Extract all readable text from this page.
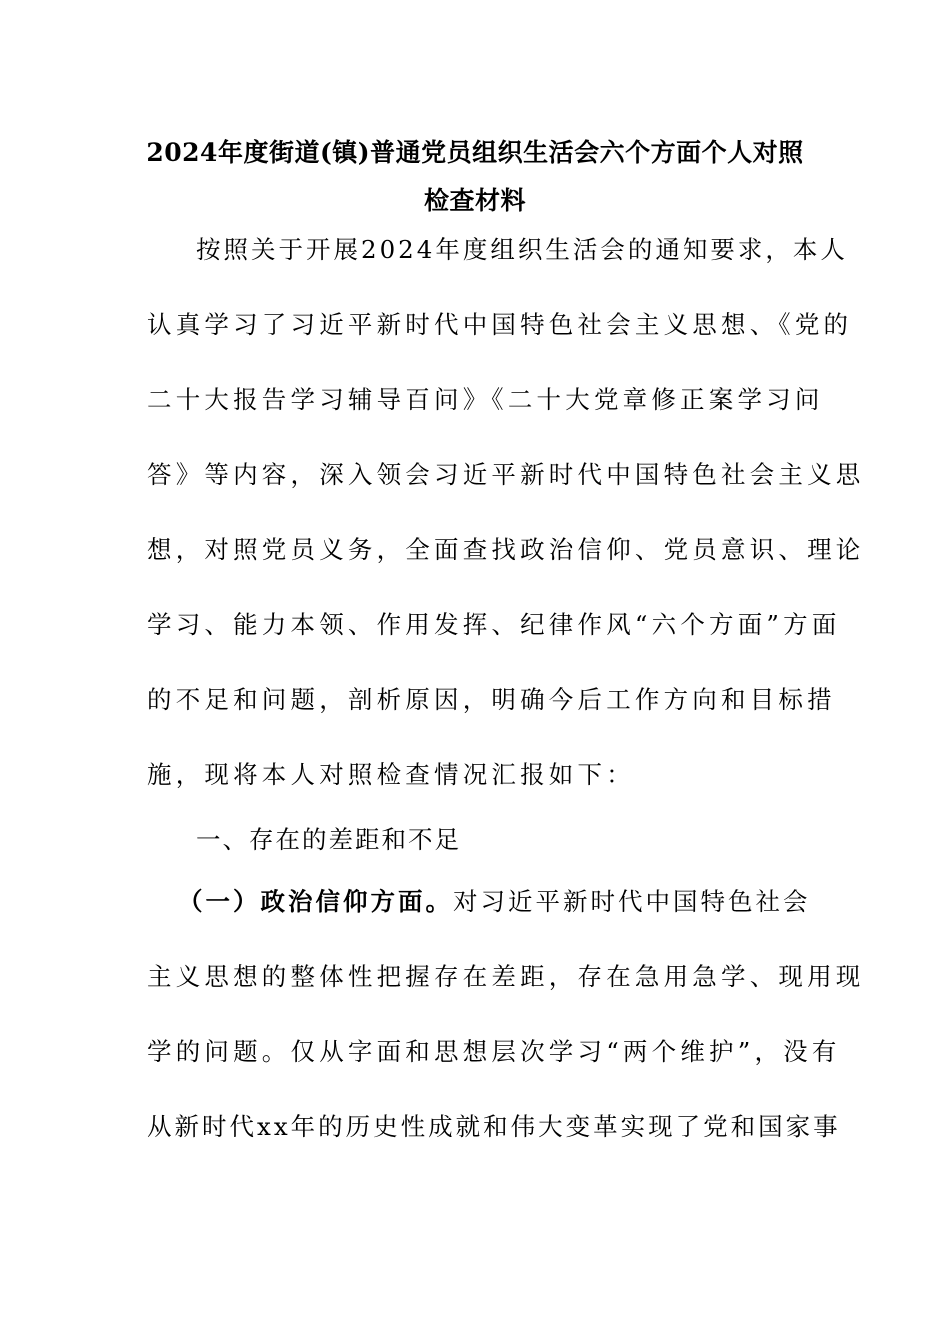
2024年度街道(镇)普通党员组织生活会六个方面个人对照
检查材料
按照关于开展2024年度组织生活会的通知要求，本人
认真学习了习近平新时代中国特色社会主义思想、《党的
二十大报告学习辅导百问》《二十大党章修正案学习问
答》等内容，深入领会习近平新时代中国特色社会主义思
想，对照党员义务，全面查找政治信仰、党员意识、理论
学习、能力本领、作用发挥、纪律作风“六个方面”方面
的不足和问题，剖析原因，明确今后工作方向和目标措
施，现将本人对照检查情况汇报如下：
一、存在的差距和不足
（一）政治信仰方面。对习近平新时代中国特色社会
主义思想的整体性把握存在差距，存在急用急学、现用现
学的问题。仅从字面和思想层次学习“两个维护”，没有
从新时代xx年的历史性成就和伟大变革实现了党和国家事
